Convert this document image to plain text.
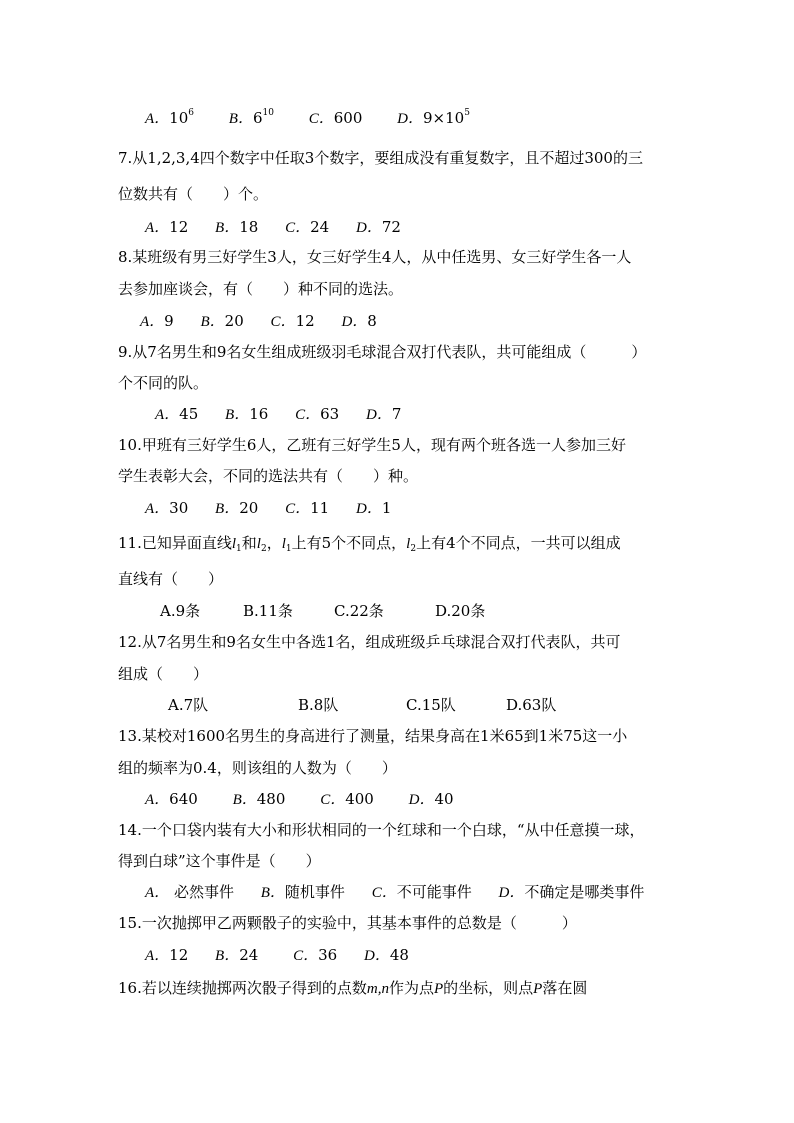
A．$10^6$ B．$6^{10}$ C．600 D．$9\times 10^5$
7.从1,2,3,4四个数字中任取3个数字，要组成没有重复数字，且不超过300的三
位数共有（　　）个。
A．12 B．18 C．24 D．72
8.某班级有男三好学生3人，女三好学生4人，从中任选男、女三好学生各一人
去参加座谈会，有（　　）种不同的选法。
A．9 B．20 C．12 D．8
9.从7名男生和9名女生组成班级羽毛球混合双打代表队，共可能组成（　　　）
个不同的队。
A．45 B．16 C．63 D．7
10.甲班有三好学生6人，乙班有三好学生5人，现有两个班各选一人参加三好
学生表彰大会，不同的选法共有（　　）种。
A．30 B．20 C．11 D．1
11.已知异面直线$l_1$和$l_2$，$l_1$上有5个不同点，$l_2$上有4个不同点，一共可以组成
直线有（　　）
A.9条	B.11条	C.22条	D.20条
12.从7名男生和9名女生中各选1名，组成班级乒乓球混合双打代表队，共可
组成（　　）
A.7队	B.8队	C.15队	D.63队
13.某校对1600名男生的身高进行了测量，结果身高在1米65到1米75这一小
组的频率为0.4，则该组的人数为（　　）
A．640 B．480 C．400 D．40
14.一个口袋内装有大小和形状相同的一个红球和一个白球，“从中任意摸一球，
得到白球”这个事件是（　　）
A． 必然事件 B．随机事件 C．不可能事件 D．不确定是哪类事件
15.一次抛掷甲乙两颗骰子的实验中，其基本事件的总数是（　　　）
A．12 B．24 C．36 D．48
16.若以连续抛掷两次骰子得到的点数m,n作为点P的坐标，则点P落在圆
